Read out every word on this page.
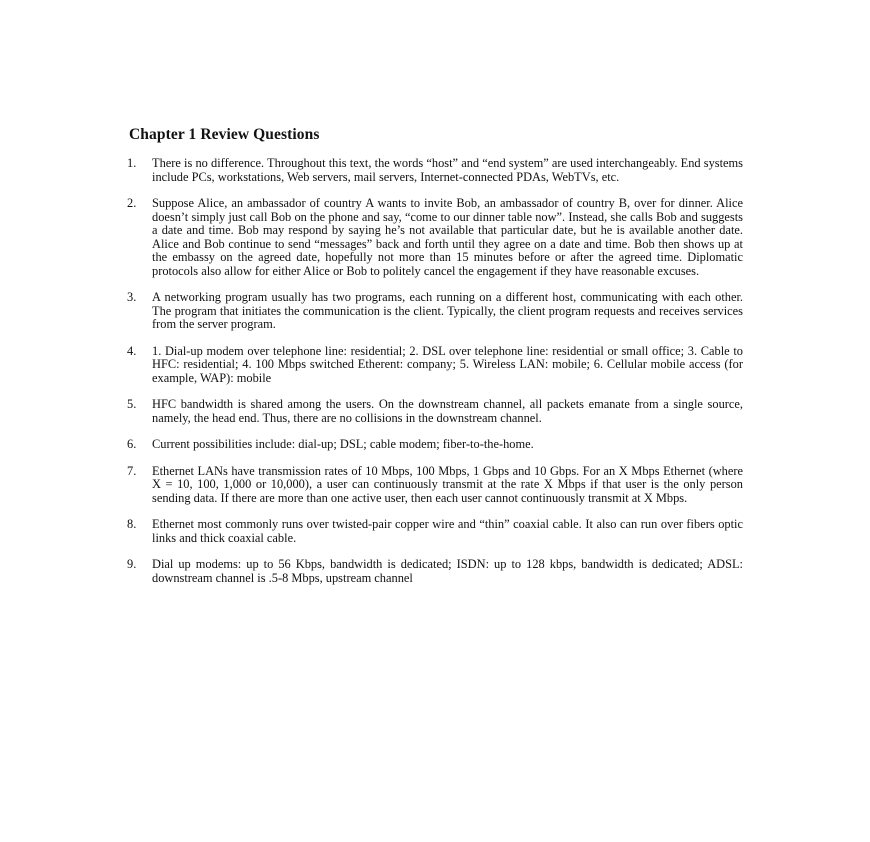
Chapter 1 Review Questions
1.	There is no difference. Throughout this text, the words “host” and “end system” are used interchangeably. End systems include PCs, workstations, Web servers, mail servers, Internet-connected PDAs, WebTVs, etc.
2.	Suppose Alice, an ambassador of country A wants to invite Bob, an ambassador of country B, over for dinner. Alice doesn’t simply just call Bob on the phone and say, “come to our dinner table now”. Instead, she calls Bob and suggests a date and time. Bob may respond by saying he’s not available that particular date, but he is available another date. Alice and Bob continue to send “messages” back and forth until they agree on a date and time. Bob then shows up at the embassy on the agreed date, hopefully not more than 15 minutes before or after the agreed time. Diplomatic protocols also allow for either Alice or Bob to politely cancel the engagement if they have reasonable excuses.
3.	A networking program usually has two programs, each running on a different host, communicating with each other. The program that initiates the communication is the client. Typically, the client program requests and receives services from the server program.
4.	1. Dial-up modem over telephone line: residential; 2. DSL over telephone line: residential or small office; 3. Cable to HFC: residential; 4. 100 Mbps switched Etherent: company; 5. Wireless LAN: mobile; 6. Cellular mobile access (for example, WAP): mobile
5.	HFC bandwidth is shared among the users. On the downstream channel, all packets emanate from a single source, namely, the head end. Thus, there are no collisions in the downstream channel.
6.	Current possibilities include: dial-up; DSL; cable modem; fiber-to-the-home.
7.	Ethernet LANs have transmission rates of 10 Mbps, 100 Mbps, 1 Gbps and 10 Gbps. For an X Mbps Ethernet (where X = 10, 100, 1,000 or 10,000), a user can continuously transmit at the rate X Mbps if that user is the only person sending data. If there are more than one active user, then each user cannot continuously transmit at X Mbps.
8.	Ethernet most commonly runs over twisted-pair copper wire and “thin” coaxial cable. It also can run over fibers optic links and thick coaxial cable.
9.	Dial up modems: up to 56 Kbps, bandwidth is dedicated; ISDN: up to 128 kbps, bandwidth is dedicated; ADSL: downstream channel is .5-8 Mbps, upstream channel
